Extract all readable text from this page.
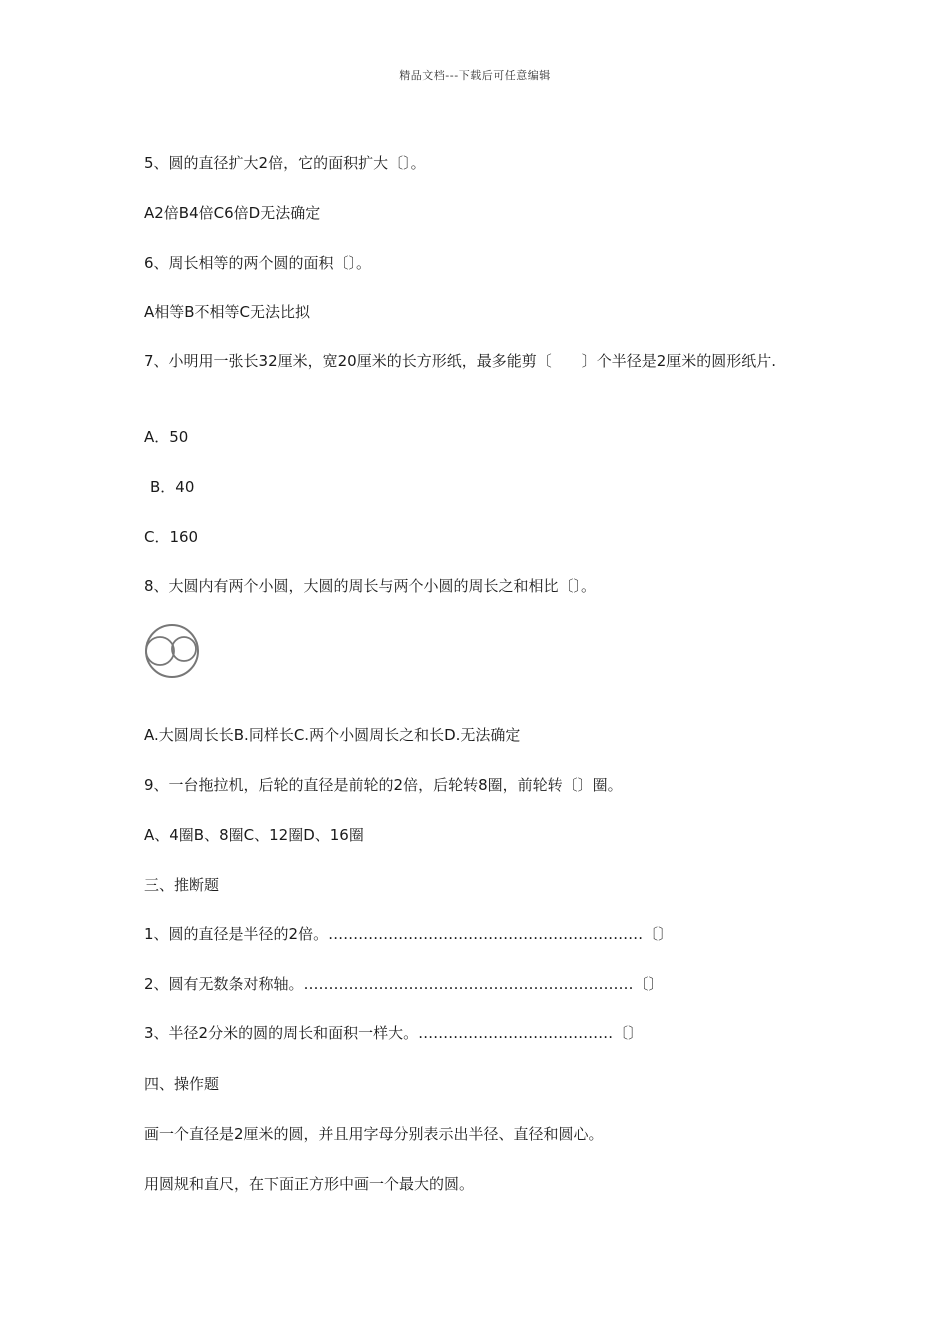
精品文档---下载后可任意编辑
5、圆的直径扩大2倍，它的面积扩大〔〕。
A2倍B4倍C6倍D无法确定
6、周长相等的两个圆的面积〔〕。
A相等B不相等C无法比拟
7、小明用一张长32厘米，宽20厘米的长方形纸，最多能剪〔　　〕个半径是2厘米的圆形纸片.
A．50
B．40
C．160
8、大圆内有两个小圆，大圆的周长与两个小圆的周长之和相比〔〕。
A.大圆周长长B.同样长C.两个小圆周长之和长D.无法确定
9、一台拖拉机，后轮的直径是前轮的2倍，后轮转8圈，前轮转〔〕圈。
A、4圈B、8圈C、12圈D、16圈
三、推断题
1、圆的直径是半径的2倍。………………………………………………………〔〕
2、圆有无数条对称轴。…………………………………………………………〔〕
3、半径2分米的圆的周长和面积一样大。…………………………………〔〕
四、操作题
画一个直径是2厘米的圆，并且用字母分别表示出半径、直径和圆心。
用圆规和直尺，在下面正方形中画一个最大的圆。
